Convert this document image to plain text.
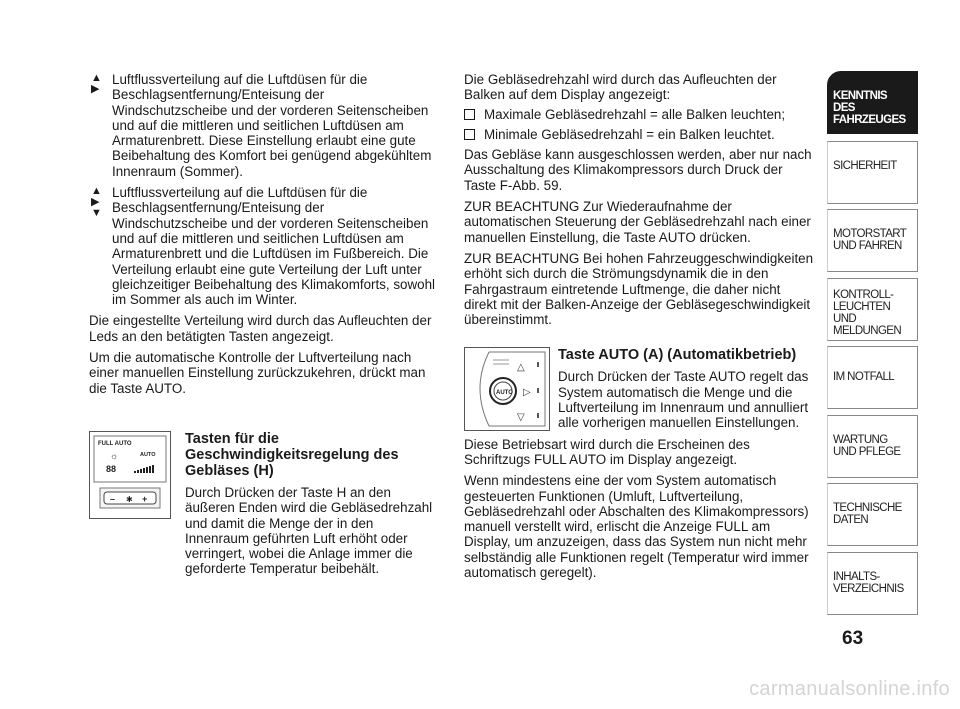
▲
▶
Luftflussverteilung auf die Luftdüsen für die Beschlagsentfernung/Enteisung der Windschutzscheibe und der vorderen Seitenscheiben und auf die mittleren und seitlichen Luftdüsen am Armaturenbrett. Diese Einstellung erlaubt eine gute Beibehaltung des Komfort bei genügend abgekühltem Innenraum (Sommer).
▲
▶
▼
Luftflussverteilung auf die Luftdüsen für die Beschlagsentfernung/Enteisung der Windschutzscheibe und der vorderen Seitenscheiben und auf die mittleren und seitlichen Luftdüsen am Armaturenbrett und die Luftdüsen im Fußbereich. Die Verteilung erlaubt eine gute Verteilung der Luft unter gleichzeitiger Beibehaltung des Klimakomforts, sowohl im Sommer als auch im Winter.

Die eingestellte Verteilung wird durch das Aufleuchten der Leds an den betätigten Tasten angezeigt.

Um die automatische Kontrolle der Luftverteilung nach einer manuellen Einstellung zurückzukehren, drückt man die Taste AUTO.

FULL AUTO
AUTO
☼
88
– ✱ +
Tasten für die Geschwindigkeitsregelung des Gebläses (H)

Durch Drücken der Taste H an den äußeren Enden wird die Gebläsedrehzahl und damit die Menge der in den Innenraum geführten Luft erhöht oder verringert, wobei die Anlage immer die geforderte Temperatur beibehält.

Die Gebläsedrehzahl wird durch das Aufleuchten der Balken auf dem Display angezeigt:

Maximale Gebläsedrehzahl = alle Balken leuchten;
Minimale Gebläsedrehzahl = ein Balken leuchtet.

Das Gebläse kann ausgeschlossen werden, aber nur nach Ausschaltung des Klimakompressors durch Druck der Taste F-Abb. 59.

ZUR BEACHTUNG Zur Wiederaufnahme der automatischen Steuerung der Gebläsedrehzahl nach einer manuellen Einstellung, die Taste AUTO drücken.

ZUR BEACHTUNG Bei hohen Fahrzeuggeschwindigkeiten erhöht sich durch die Strömungsdynamik die in den Fahrgastraum eintretende Luftmenge, die daher nicht direkt mit der Balken-Anzeige der Gebläsegeschwindigkeit übereinstimmt.

AUTO
△
▷
▽
Taste AUTO (A) (Automatikbetrieb)

Durch Drücken der Taste AUTO regelt das System automatisch die Menge und die Luftverteilung im Innenraum und annulliert alle vorherigen manuellen Einstellungen.

Diese Betriebsart wird durch die Erscheinen des Schriftzugs FULL AUTO im Display angezeigt.

Wenn mindestens eine der vom System automatisch gesteuerten Funktionen (Umluft, Luftverteilung, Gebläsedrehzahl oder Abschalten des Klimakompressors) manuell verstellt wird, erlischt die Anzeige FULL am Display, um anzuzeigen, dass das System nun nicht mehr selbständig alle Funktionen regelt (Temperatur wird immer automatisch geregelt).

KENNTNIS
DES FAHRZEUGES
SICHERHEIT
MOTORSTART
UND FAHREN
KONTROLL-
LEUCHTEN
UND MELDUNGEN
IM NOTFALL
WARTUNG
UND PFLEGE
TECHNISCHE
DATEN
INHALTS-
VERZEICHNIS
63
carmanualsonline.info
